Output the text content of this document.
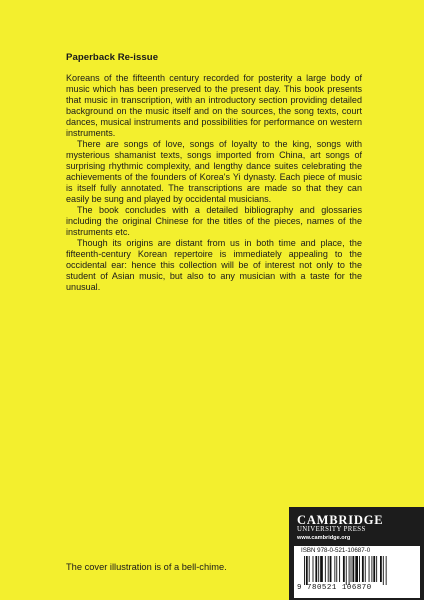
Paperback Re-issue

Koreans of the fifteenth century recorded for posterity a large body of music which has been preserved to the present day. This book presents that music in transcription, with an introductory section providing detailed background on the music itself and on the sources, the song texts, court dances, musical instruments and possibilities for performance on western instruments.

There are songs of love, songs of loyalty to the king, songs with mysterious shamanist texts, songs imported from China, art songs of surprising rhythmic complexity, and lengthy dance suites celebrating the achievements of the founders of Korea's Yi dynasty. Each piece of music is itself fully annotated. The transcriptions are made so that they can easily be sung and played by occidental musicians.

The book concludes with a detailed bibliography and glossaries including the original Chinese for the titles of the pieces, names of the instruments etc.

Though its origins are distant from us in both time and place, the fifteenth-century Korean repertoire is immediately appealing to the occidental ear: hence this collection will be of interest not only to the student of Asian music, but also to any musician with a taste for the unusual.

The cover illustration is of a bell-chime.
CAMBRIDGE
UNIVERSITY PRESS
www.cambridge.org
ISBN 978-0-521-10687-0
9 780521 106870
